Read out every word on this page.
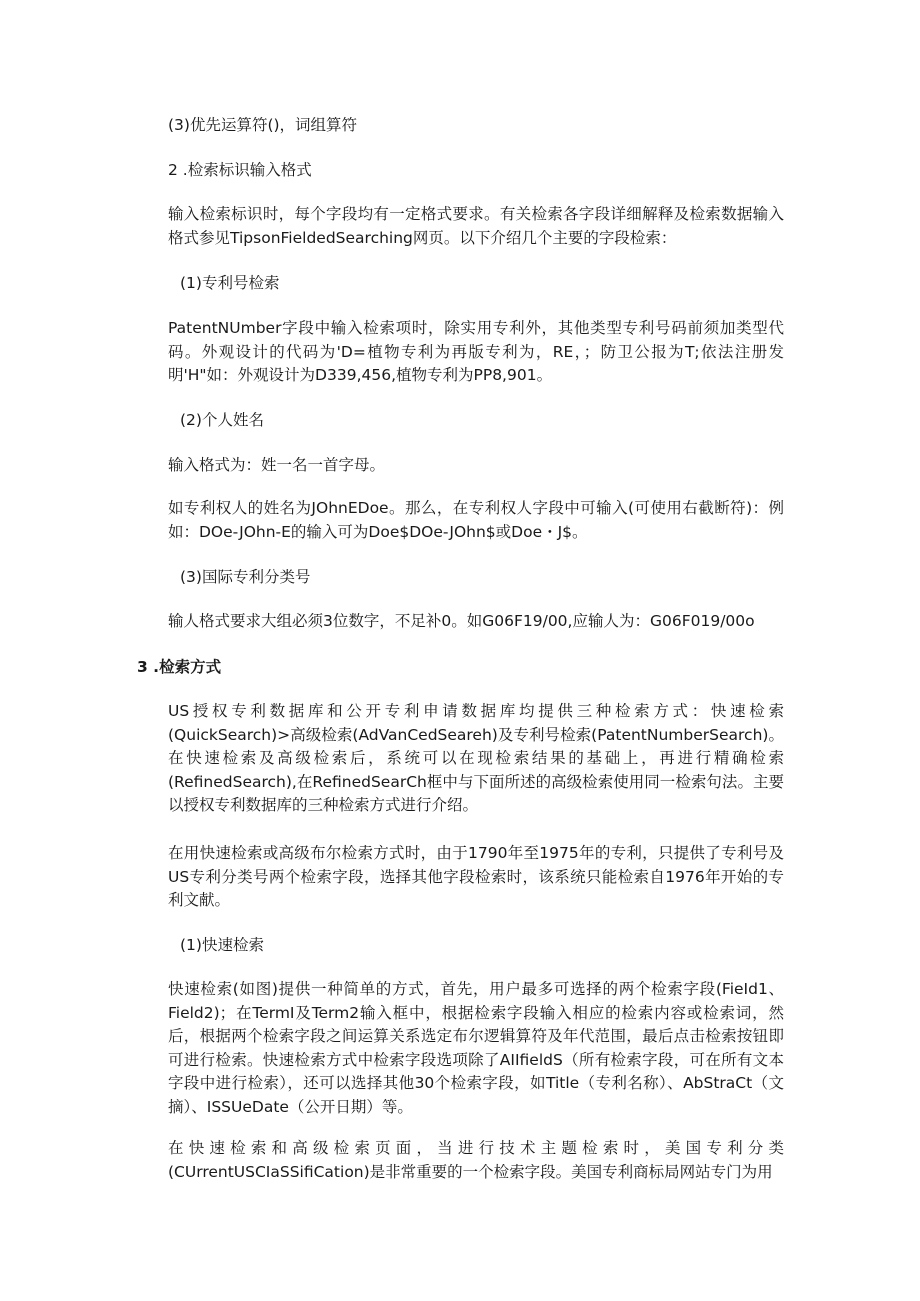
(3)优先运算符()，词组算符
2 .检索标识输入格式
输入检索标识时，每个字段均有一定格式要求。有关检索各字段详细解释及检索数据输入格式参见TipsonFieldedSearching网页。以下介绍几个主要的字段检索：
(1)专利号检索
PatentNUmber字段中输入检索项时，除实用专利外，其他类型专利号码前须加类型代码。外观设计的代码为'D=植物专利为再版专利为，RE，；防卫公报为T;依法注册发明'H"如：外观设计为D339,456,植物专利为PP8,901。
(2)个人姓名
输入格式为：姓一名一首字母。
如专利权人的姓名为JOhnEDoe。那么，在专利权人字段中可输入(可使用右截断符)：例如：DOe-JOhn-E的输入可为Doe$DOe-JOhn$或Doe・J$。
(3)国际专利分类号
输人格式要求大组必须3位数字，不足补0。如G06F19/00,应输人为：G06F019/00o
3 .检索方式
US授权专利数据库和公开专利申请数据库均提供三种检索方式：快速检索(QuickSearch)>高级检索(AdVanCedSeareh)及专利号检索(PatentNumberSearch)。在快速检索及高级检索后，系统可以在现检索结果的基础上，再进行精确检索(RefinedSearch),在RefinedSearCh框中与下面所述的高级检索使用同一检索句法。主要以授权专利数据库的三种检索方式进行介绍。
在用快速检索或高级布尔检索方式时，由于1790年至1975年的专利，只提供了专利号及US专利分类号两个检索字段，选择其他字段检索时，该系统只能检索自1976年开始的专利文献。
(1)快速检索
快速检索(如图)提供一种简单的方式，首先，用户最多可选择的两个检索字段(FieId1、Field2)；在TermI及Term2输入框中，根据检索字段输入相应的检索内容或检索词，然后，根据两个检索字段之间运算关系选定布尔逻辑算符及年代范围，最后点击检索按钮即可进行检索。快速检索方式中检索字段选项除了AIIfieldS（所有检索字段，可在所有文本字段中进行检索），还可以选择其他30个检索字段，如Title（专利名称）、AbStraCt（文摘）、ISSUeDate（公开日期）等。
在快速检索和高级检索页面，当进行技术主题检索时，美国专利分类(CUrrentUSCIaSSifiCation)是非常重要的一个检索字段。美国专利商标局网站专门为用
